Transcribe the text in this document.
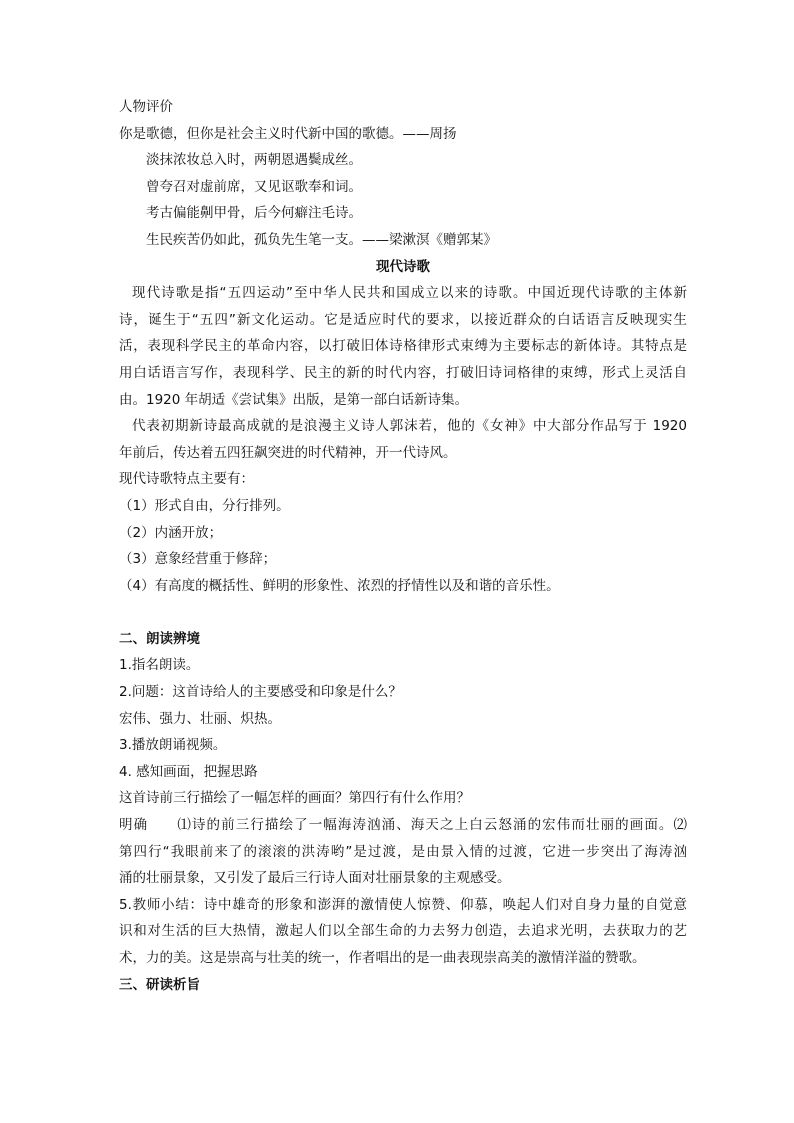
人物评价
你是歌德，但你是社会主义时代新中国的歌德。——周扬
淡抹浓妆总入时，两朝恩遇鬓成丝。
曾夸召对虚前席，又见讴歌奉和词。
考古偏能劓甲骨，后今何癖注毛诗。
生民疾苦仍如此，孤负先生笔一支。——梁漱溟《赠郭某》
现代诗歌
现代诗歌是指“五四运动”至中华人民共和国成立以来的诗歌。中国近现代诗歌的主体新
诗，诞生于“五四”新文化运动。它是适应时代的要求，以接近群众的白话语言反映现实生
活，表现科学民主的革命内容，以打破旧体诗格律形式束缚为主要标志的新体诗。其特点是
用白话语言写作，表现科学、民主的新的时代内容，打破旧诗词格律的束缚，形式上灵活自
由。1920 年胡适《尝试集》出版，是第一部白话新诗集。
代表初期新诗最高成就的是浪漫主义诗人郭沫若，他的《女神》中大部分作品写于 1920
年前后，传达着五四狂飙突进的时代精神，开一代诗风。
现代诗歌特点主要有：
（1）形式自由，分行排列。
（2）内涵开放；
（3）意象经营重于修辞；
（4）有高度的概括性、鲜明的形象性、浓烈的抒情性以及和谐的音乐性。
二、朗读辨境
1.指名朗读。
2.问题：这首诗给人的主要感受和印象是什么？
宏伟、强力、壮丽、炽热。
3.播放朗诵视频。
4. 感知画面，把握思路
这首诗前三行描绘了一幅怎样的画面？第四行有什么作用？
明确　　⑴诗的前三行描绘了一幅海涛汹涌、海天之上白云怒涌的宏伟而壮丽的画面。⑵
第四行“我眼前来了的滚滚的洪涛哟”是过渡，是由景入情的过渡，它进一步突出了海涛汹
涌的壮丽景象，又引发了最后三行诗人面对壮丽景象的主观感受。
5.教师小结：诗中雄奇的形象和澎湃的激情使人惊赞、仰慕，唤起人们对自身力量的自觉意
识和对生活的巨大热情，激起人们以全部生命的力去努力创造，去追求光明，去获取力的艺
术，力的美。这是崇高与壮美的统一，作者唱出的是一曲表现崇高美的激情洋溢的赞歌。
三、研读析旨
